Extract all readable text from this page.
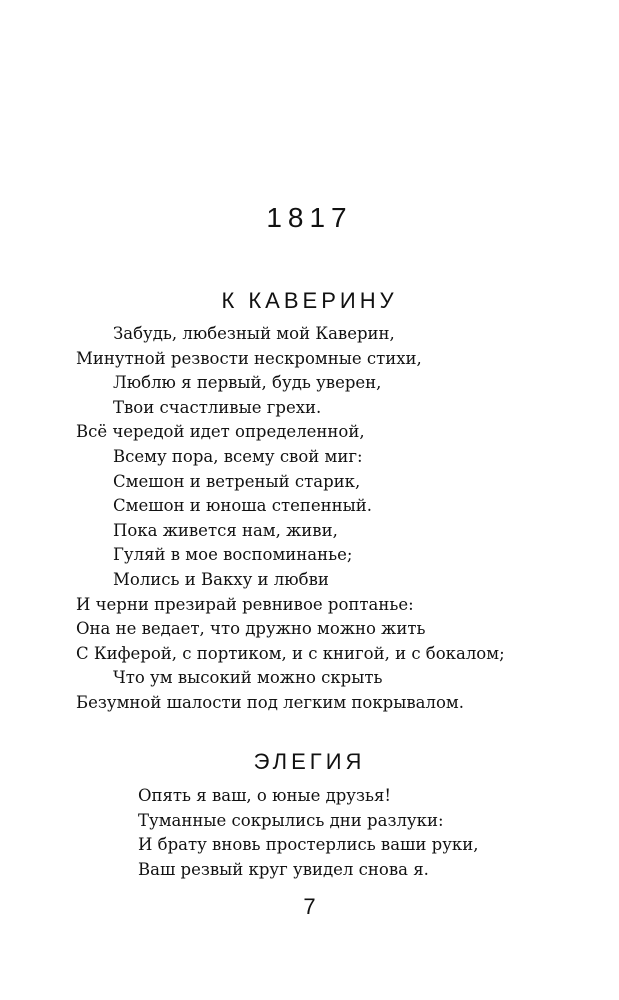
1817
К КАВЕРИНУ
Забудь, любезный мой Каверин,
Минутной резвости нескромные стихи,
Люблю я первый, будь уверен,
Твои счастливые грехи.
Всё чередой идет определенной,
Всему пора, всему свой миг:
Смешон и ветреный старик,
Смешон и юноша степенный.
Пока живется нам, живи,
Гуляй в мое воспоминанье;
Молись и Вакху и любви
И черни презирай ревнивое роптанье:
Она не ведает, что дружно можно жить
С Киферой, с портиком, и с книгой, и с бокалом;
Что ум высокий можно скрыть
Безумной шалости под легким покрывалом.
ЭЛЕГИЯ
Опять я ваш, о юные друзья!
Туманные сокрылись дни разлуки:
И брату вновь простерлись ваши руки,
Ваш резвый круг увидел снова я.
7
